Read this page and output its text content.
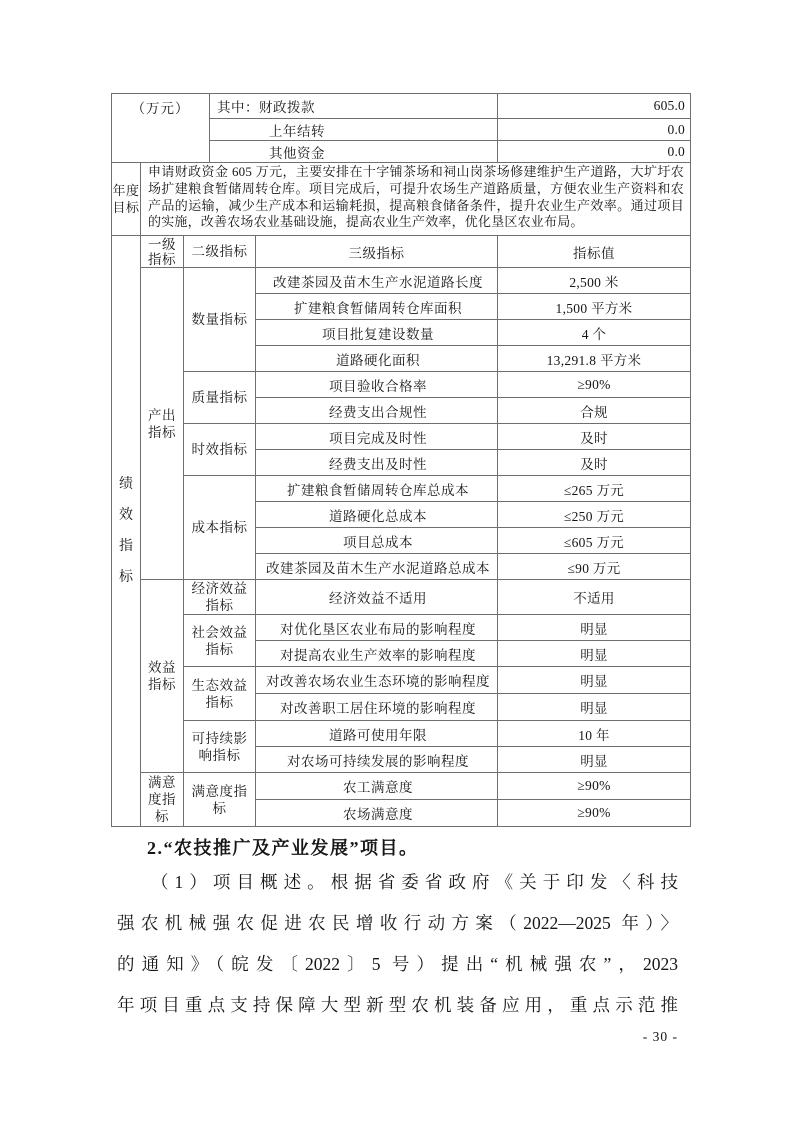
（万元）	其中：财政拨款	605.0
	上年结转	0.0
	其他资金	0.0
年度目标	申请财政资金 605 万元，主要安排在十字铺茶场和祠山岗茶场修建维护生产道路，大圹圩农场扩建粮食暂储周转仓库。项目完成后，可提升农场生产道路质量，方便农业生产资料和农产品的运输，减少生产成本和运输耗损，提高粮食储备条件，提升农业生产效率。通过项目的实施，改善农场农业基础设施，提高农业生产效率，优化垦区农业布局。
绩效指标	一级指标	二级指标	三级指标	指标值
	产出指标	数量指标	改建茶园及苗木生产水泥道路长度	2,500 米
			扩建粮食暂储周转仓库面积	1,500 平方米
			项目批复建设数量	4 个
			道路硬化面积	13,291.8 平方米
		质量指标	项目验收合格率	≥90%
			经费支出合规性	合规
		时效指标	项目完成及时性	及时
			经费支出及时性	及时
		成本指标	扩建粮食暂储周转仓库总成本	≤265 万元
			道路硬化总成本	≤250 万元
			项目总成本	≤605 万元
			改建茶园及苗木生产水泥道路总成本	≤90 万元
	效益指标	经济效益指标	经济效益不适用	不适用
		社会效益指标	对优化垦区农业布局的影响程度	明显
			对提高农业生产效率的影响程度	明显
		生态效益指标	对改善农场农业生态环境的影响程度	明显
			对改善职工居住环境的影响程度	明显
		可持续影响指标	道路可使用年限	10 年
			对农场可持续发展的影响程度	明显
	满意度指标	满意度指标	农工满意度	≥90%
			农场满意度	≥90%
2.“农技推广及产业发展”项目。
（1）项目概述。根据省委省政府《关于印发〈科技
强农机械强农促进农民增收行动方案（2022—2025 年）〉
的通知》（皖发〔2022〕5 号）提出“机械强农”，2023
年项目重点支持保障大型新型农机装备应用，重点示范推
- 30 -
